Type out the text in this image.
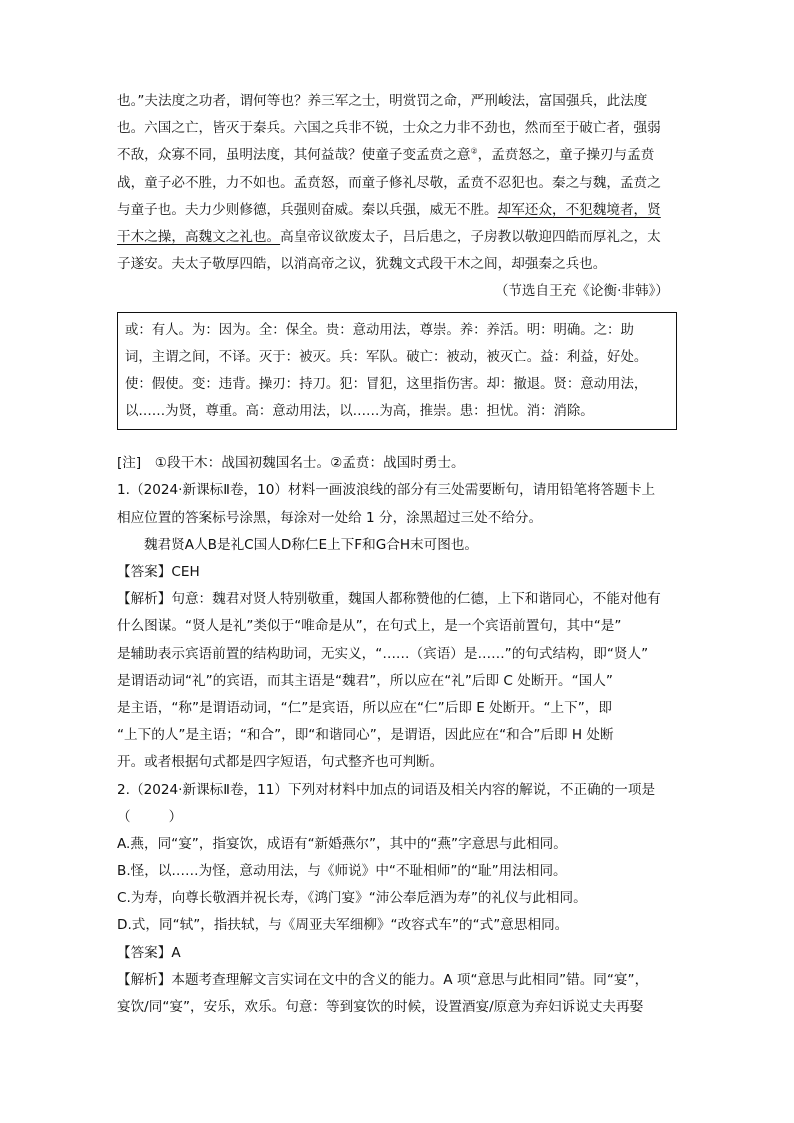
也。”夫法度之功者，谓何等也？养三军之士，明赏罚之命，严刑峻法，富国强兵，此法度
也。六国之亡，皆灭于秦兵。六国之兵非不锐，士众之力非不劲也，然而至于破亡者，强弱
不敌，众寡不同，虽明法度，其何益哉？使童子变孟贲之意②，孟贲怒之，童子操刃与孟贲
战，童子必不胜，力不如也。孟贲怒，而童子修礼尽敬，孟贲不忍犯也。秦之与魏，孟贲之
与童子也。夫力少则修德，兵强则奋威。秦以兵强，威无不胜。却军还众，不犯魏境者，贤
干木之操，高魏文之礼也。高皇帝议欲废太子，吕后患之，子房教以敬迎四皓而厚礼之，太
子遂安。夫太子敬厚四皓，以消高帝之议，犹魏文式段干木之闾，却强秦之兵也。
（节选自王充《论衡·非韩》）
或：有人。为：因为。全：保全。贵：意动用法，尊崇。养：养活。明：明确。之：助
词，主谓之间，不译。灭于：被灭。兵：军队。破亡：被动，被灭亡。益：利益，好处。
使：假使。变：违背。操刃：持刀。犯：冒犯，这里指伤害。却：撤退。贤：意动用法，
以……为贤，尊重。高：意动用法，以……为高，推崇。患：担忧。消：消除。
[注]　①段干木：战国初魏国名士。②孟贲：战国时勇士。
1.（2024·新课标Ⅱ卷，10）材料一画波浪线的部分有三处需要断句，请用铅笔将答题卡上
相应位置的答案标号涂黑，每涂对一处给 1 分，涂黑超过三处不给分。
魏君贤A人B是礼C国人D称仁E上下F和G合H末可图也。
【答案】CEH
【解析】句意：魏君对贤人特别敬重，魏国人都称赞他的仁德，上下和谐同心，不能对他有
什么图谋。“贤人是礼”类似于“唯命是从”，在句式上，是一个宾语前置句，其中“是”
是辅助表示宾语前置的结构助词，无实义，“……（宾语）是……”的句式结构，即“贤人”
是谓语动词“礼”的宾语，而其主语是“魏君”，所以应在“礼”后即 C 处断开。“国人”
是主语，“称”是谓语动词，“仁”是宾语，所以应在“仁”后即 E 处断开。“上下”，即
“上下的人”是主语；“和合”，即“和谐同心”，是谓语，因此应在“和合”后即 H 处断
开。或者根据句式都是四字短语，句式整齐也可判断。
2.（2024·新课标Ⅱ卷，11）下列对材料中加点的词语及相关内容的解说，不正确的一项是
（	）
A.燕，同“宴”，指宴饮，成语有“新婚燕尔”，其中的“燕”字意思与此相同。
B.怪，以……为怪，意动用法，与《师说》中“不耻相师”的“耻”用法相同。
C.为寿，向尊长敬酒并祝长寿，《鸿门宴》“沛公奉卮酒为寿”的礼仪与此相同。
D.式，同“轼”，指扶轼，与《周亚夫军细柳》“改容式车”的“式”意思相同。
【答案】A
【解析】本题考查理解文言实词在文中的含义的能力。A 项“意思与此相同”错。同“宴”，
宴饮/同“宴”，安乐，欢乐。句意：等到宴饮的时候，设置酒宴/原意为弃妇诉说丈夫再娶
